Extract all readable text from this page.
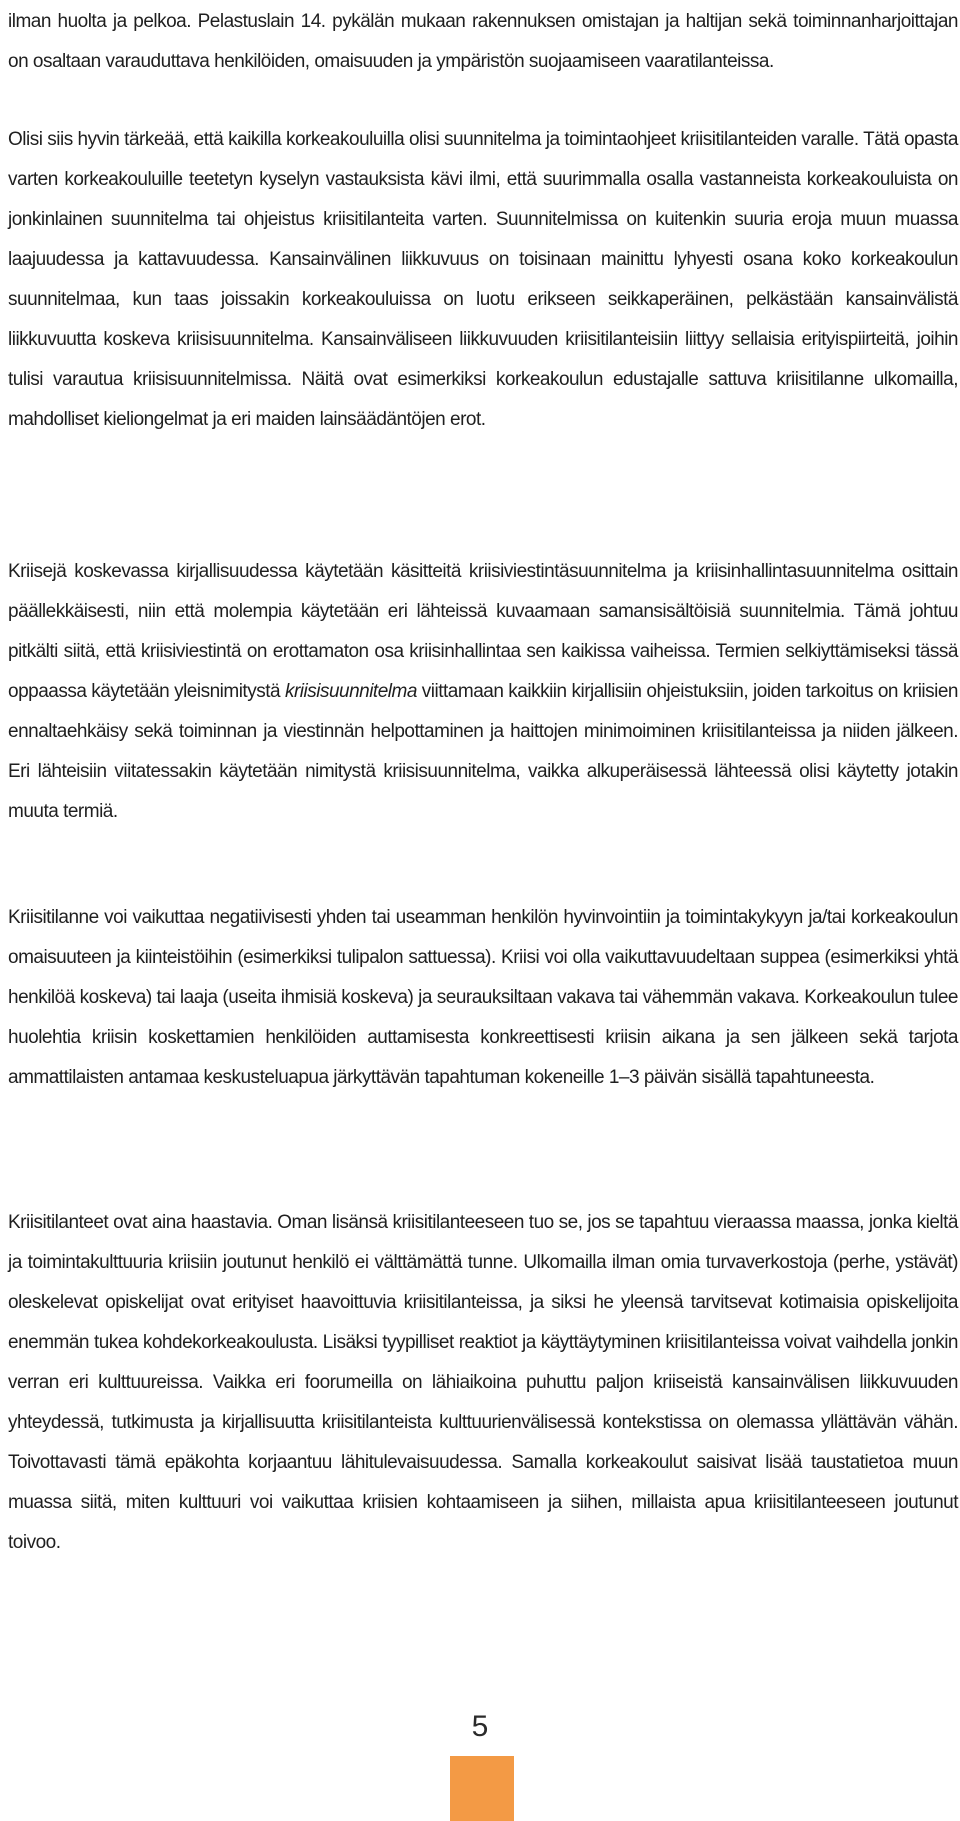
ilman huolta ja pelkoa. Pelastuslain 14. pykälän mukaan rakennuksen omistajan ja haltijan sekä toiminnanharjoittajan on osaltaan varauduttava henkilöiden, omaisuuden ja ympäristön suojaamiseen vaaratilanteissa.

Olisi siis hyvin tärkeää, että kaikilla korkeakouluilla olisi suunnitelma ja toimintaohjeet kriisitilanteiden varalle. Tätä opasta varten korkeakouluille teetetyn kyselyn vastauksista kävi ilmi, että suurimmalla osalla vastanneista korkeakouluista on jonkinlainen suunnitelma tai ohjeistus kriisitilanteita varten. Suunnitelmissa on kuitenkin suuria eroja muun muassa laajuudessa ja kattavuudessa. Kansainvälinen liikkuvuus on toisinaan mainittu lyhyesti osana koko korkeakoulun suunnitelmaa, kun taas joissakin korkeakouluissa on luotu erikseen seikkaperäinen, pelkästään kansainvälistä liikkuvuutta koskeva kriisisuunnitelma. Kansainväliseen liikkuvuuden kriisitilanteisiin liittyy sellaisia erityispiirteitä, joihin tulisi varautua kriisisuunnitelmissa. Näitä ovat esimerkiksi korkeakoulun edustajalle sattuva kriisitilanne ulkomailla, mahdolliset kieliongelmat ja eri maiden lainsäädäntöjen erot.

Kriisejä koskevassa kirjallisuudessa käytetään käsitteitä kriisiviestintäsuunnitelma ja kriisinhallintasuunnitelma osittain päällekkäisesti, niin että molempia käytetään eri lähteissä kuvaamaan samansisältöisiä suunnitelmia. Tämä johtuu pitkälti siitä, että kriisiviestintä on erottamaton osa kriisinhallintaa sen kaikissa vaiheissa. Termien selkiyttämiseksi tässä oppaassa käytetään yleisnimitystä kriisisuunnitelma viittamaan kaikkiin kirjallisiin ohjeistuksiin, joiden tarkoitus on kriisien ennaltaehkäisy sekä toiminnan ja viestinnän helpottaminen ja haittojen minimoiminen kriisitilanteissa ja niiden jälkeen. Eri lähteisiin viitatessakin käytetään nimitystä kriisisuunnitelma, vaikka alkuperäisessä lähteessä olisi käytetty jotakin muuta termiä.

Kriisitilanne voi vaikuttaa negatiivisesti yhden tai useamman henkilön hyvinvointiin ja toimintakykyyn ja/tai korkeakoulun omaisuuteen ja kiinteistöihin (esimerkiksi tulipalon sattuessa). Kriisi voi olla vaikuttavuudeltaan suppea (esimerkiksi yhtä henkilöä koskeva) tai laaja (useita ihmisiä koskeva) ja seurauksiltaan vakava tai vähemmän vakava. Korkeakoulun tulee huolehtia kriisin koskettamien henkilöiden auttamisesta konkreettisesti kriisin aikana ja sen jälkeen sekä tarjota ammattilaisten antamaa keskusteluapua järkyttävän tapahtuman kokeneille 1–3 päivän sisällä tapahtuneesta.

Kriisitilanteet ovat aina haastavia. Oman lisänsä kriisitilanteeseen tuo se, jos se tapahtuu vieraassa maassa, jonka kieltä ja toimintakulttuuria kriisiin joutunut henkilö ei välttämättä tunne. Ulkomailla ilman omia turvaverkostoja (perhe, ystävät) oleskelevat opiskelijat ovat erityiset haavoittuvia kriisitilanteissa, ja siksi he yleensä tarvitsevat kotimaisia opiskelijoita enemmän tukea kohdekorkeakoulusta. Lisäksi tyypilliset reaktiot ja käyttäytyminen kriisitilanteissa voivat vaihdella jonkin verran eri kulttuureissa. Vaikka eri foorumeilla on lähiaikoina puhuttu paljon kriiseistä kansainvälisen liikkuvuuden yhteydessä, tutkimusta ja kirjallisuutta kriisitilanteista kulttuurienvälisessä kontekstissa on olemassa yllättävän vähän. Toivottavasti tämä epäkohta korjaantuu lähitulevaisuudessa. Samalla korkeakoulut saisivat lisää taustatietoa muun muassa siitä, miten kulttuuri voi vaikuttaa kriisien kohtaamiseen ja siihen, millaista apua kriisitilanteeseen joutunut toivoo.

5
